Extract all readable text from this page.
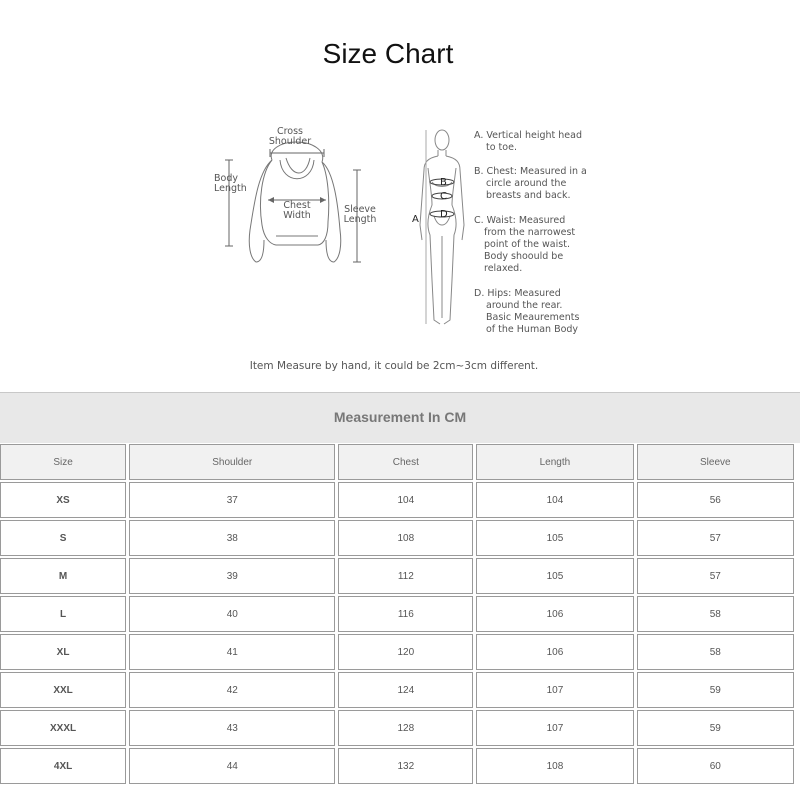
Size Chart
Cross
Shoulder
Body
Length
Chest
Width
Sleeve
Length	A
B
C
D
A. Vertical height head
to toe.
B. Chest: Measured in a
circle around the
breasts and back.
C. Waist: Measured
from the narrowest
point of the waist.
Body shoould be
relaxed.
D. Hips: Measured
around the rear.
Basic Meaurements
of the Human Body
Item Measure by hand, it could be 2cm~3cm different.
Measurement In CM
Size	Shoulder	Chest	Length	Sleeve
XS	37	104	104	56
S	38	108	105	57
M	39	112	105	57
L	40	116	106	58
XL	41	120	106	58
XXL	42	124	107	59
XXXL	43	128	107	59
4XL	44	132	108	60
